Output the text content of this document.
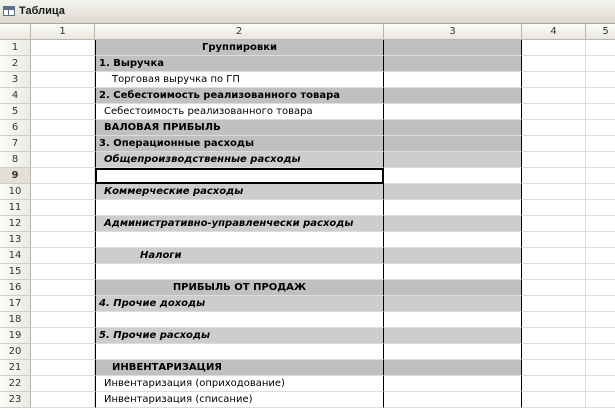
Таблица
1	2	3	4	5
1	Группировки
2	1. Выручка
3	Торговая выручка по ГП
4	2. Себестоимость реализованного товара
5	Себестоимость реализованного товара
6	ВАЛОВАЯ ПРИБЫЛЬ
7	3. Операционные расходы
8	Общепроизводственные расходы
9
10	Коммерческие расходы
11
12	Административно-управленчески расходы
13
14	Налоги
15
16	ПРИБЫЛЬ ОТ ПРОДАЖ
17	4. Прочие доходы
18
19	5. Прочие расходы
20
21	ИНВЕНТАРИЗАЦИЯ
22	Инвентаризация (оприходование)
23	Инвентаризация (списание)
